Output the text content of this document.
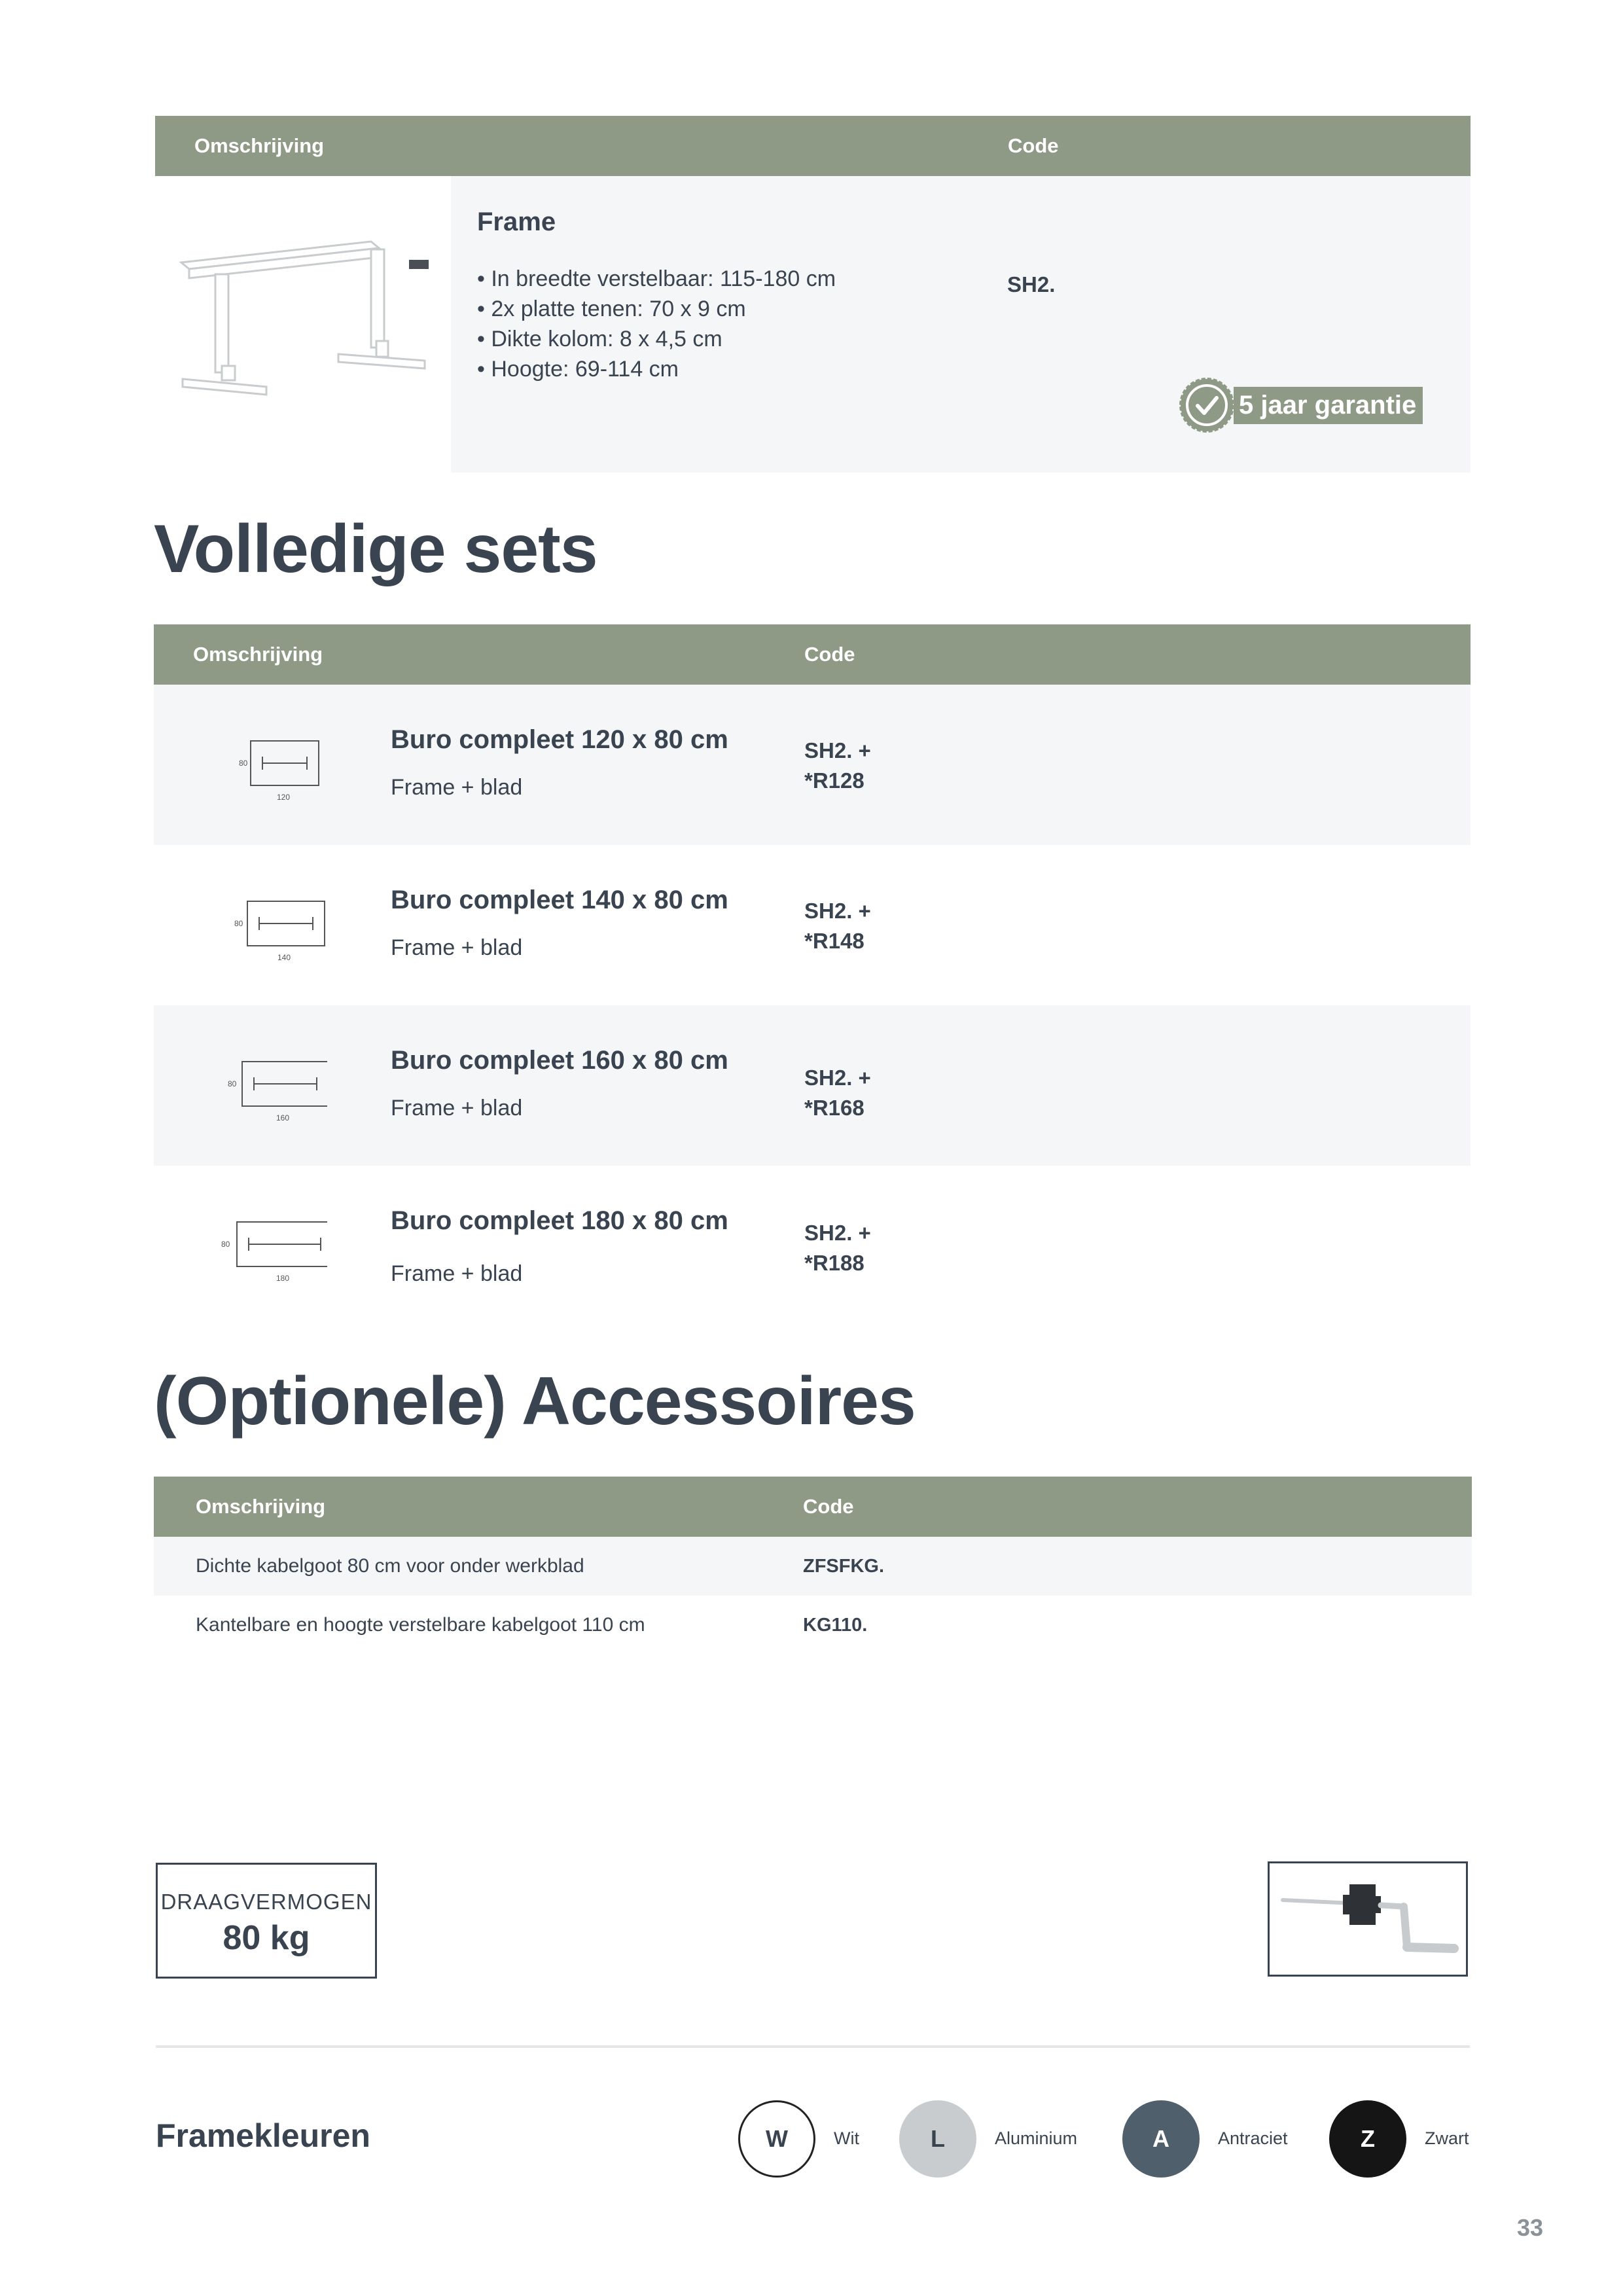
Omschrijving	Code
Frame
• In breedte verstelbaar: 115-180 cm
• 2x platte tenen: 70 x 9 cm
• Dikte kolom: 8 x 4,5 cm
• Hoogte: 69-114 cm
SH2.
5 jaar garantie
Volledige sets
Omschrijving	Code
80
120
Buro compleet 120 x 80 cm
Frame + blad
SH2. +
*R128
80
140
Buro compleet 140 x 80 cm
Frame + blad
SH2. +
*R148
80
160
Buro compleet 160 x 80 cm
Frame + blad
SH2. +
*R168
80
180
Buro compleet 180 x 80 cm
Frame + blad
SH2. +
*R188
(Optionele) Accessoires
Omschrijving	Code
Dichte kabelgoot 80 cm voor onder werkblad	ZFSFKG.
Kantelbare en hoogte verstelbare kabelgoot 110 cm	KG110.
DRAAGVERMOGEN
80 kg
Framekleuren	W	Wit	L	Aluminium	A	Antraciet	Z	Zwart
33
